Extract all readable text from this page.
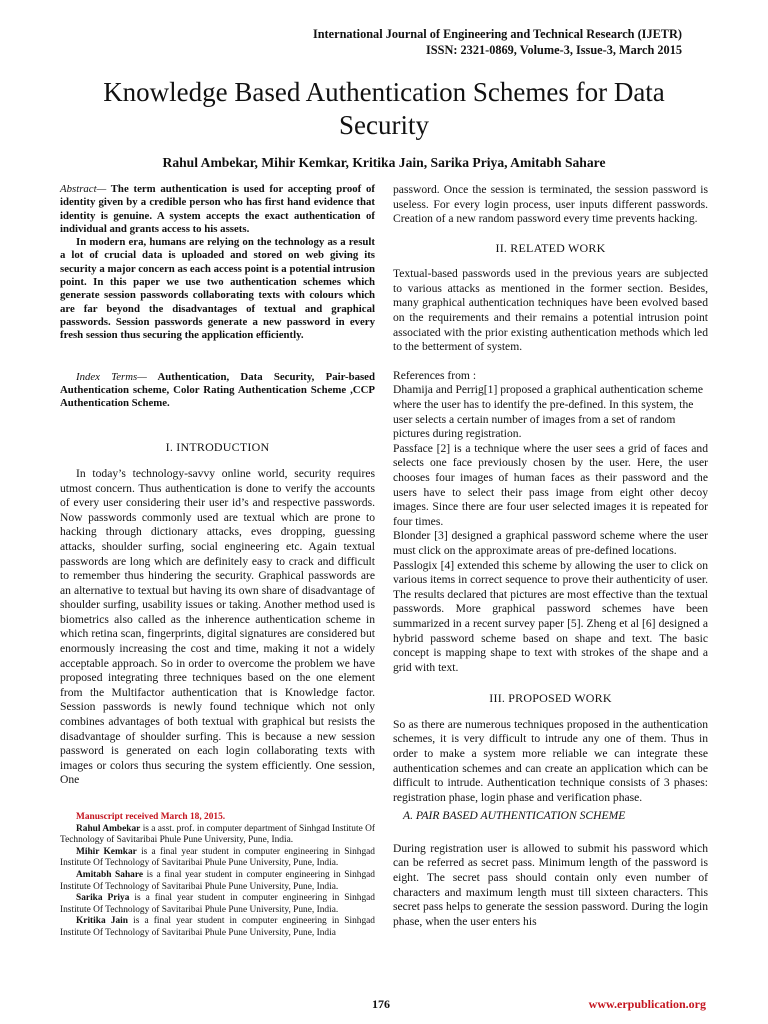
International Journal of Engineering and Technical Research (IJETR)
ISSN: 2321-0869, Volume-3, Issue-3, March 2015
Knowledge Based Authentication Schemes for Data Security
Rahul Ambekar, Mihir Kemkar, Kritika Jain, Sarika Priya, Amitabh Sahare

Abstract— The term authentication is used for accepting proof of identity given by a credible person who has first hand evidence that identity is genuine. A system accepts the exact authentication of individual and grants access to his assets.

In modern era, humans are relying on the technology as a result a lot of crucial data is uploaded and stored on web giving its security a major concern as each access point is a potential intrusion point. In this paper we use two authentication schemes which generate session passwords collaborating texts with colours which are far beyond the disadvantages of textual and graphical passwords. Session passwords generate a new password in every fresh session thus securing the application efficiently.

Index Terms— Authentication, Data Security, Pair-based Authentication scheme, Color Rating Authentication Scheme ,CCP Authentication Scheme.

I. INTRODUCTION

In today’s technology-savvy online world, security requires utmost concern. Thus authentication is done to verify the accounts of every user considering their user id’s and respective passwords. Now passwords commonly used are textual which are prone to hacking through dictionary attacks, eves dropping, guessing attacks, shoulder surfing, social engineering etc. Again textual passwords are long which are definitely easy to crack and difficult to remember thus hindering the security. Graphical passwords are an alternative to textual but having its own share of disadvantage of shoulder surfing, usability issues or taking. Another method used is biometrics also called as the inherence authentication scheme in which retina scan, fingerprints, digital signatures are considered but enormously increasing the cost and time, making it not a widely acceptable approach. So in order to overcome the problem we have proposed integrating three techniques based on the one element from the Multifactor authentication that is Knowledge factor. Session passwords is newly found technique which not only combines advantages of both textual with graphical but resists the disadvantage of shoulder surfing. This is because a new session password is generated on each login collaborating texts with images or colors thus securing the system efficiently. One session, One

Manuscript received March 18, 2015.

Rahul Ambekar is a asst. prof. in computer department of Sinhgad Institute Of Technology of Savitaribai Phule Pune University, Pune, India.

Mihir Kemkar is a final year student in computer engineering in Sinhgad Institute Of Technology of Savitaribai Phule Pune University, Pune, India.

Amitabh Sahare is a final year student in computer engineering in Sinhgad Institute Of Technology of Savitaribai Phule Pune University, Pune, India.

Sarika Priya is a final year student in computer engineering in Sinhgad Institute Of Technology of Savitaribai Phule Pune University, Pune, India.

Kritika Jain is a final year student in computer engineering in Sinhgad Institute Of Technology of Savitaribai Phule Pune University, Pune, India

password. Once the session is terminated, the session password is useless. For every login process, user inputs different passwords. Creation of a new random password every time prevents hacking.

II. RELATED WORK

Textual-based passwords used in the previous years are subjected to various attacks as mentioned in the former section. Besides, many graphical authentication techniques have been evolved based on the requirements and their remains a potential intrusion point associated with the prior existing authentication methods which led to the betterment of system.

References from :

Dhamija and Perrig[1] proposed a graphical authentication scheme where the user has to identify the pre-defined. In this system, the user selects a certain number of images from a set of random pictures during registration.

Passface [2] is a technique where the user sees a grid of faces and selects one face previously chosen by the user. Here, the user chooses four images of human faces as their password and the users have to select their pass image from eight other decoy images. Since there are four user selected images it is repeated for four times.

Blonder [3] designed a graphical password scheme where the user must click on the approximate areas of pre-defined locations.

Passlogix [4] extended this scheme by allowing the user to click on various items in correct sequence to prove their authenticity of user. The results declared that pictures are most effective than the textual passwords. More graphical password schemes have been summarized in a recent survey paper [5]. Zheng et al [6] designed a hybrid password scheme based on shape and text. The basic concept is mapping shape to text with strokes of the shape and a grid with text.

III. PROPOSED WORK

So as there are numerous techniques proposed in the authentication schemes, it is very difficult to intrude any one of them. Thus in order to make a system more reliable we can integrate these authentication schemes and can create an application which can be difficult to intrude. Authentication technique consists of 3 phases: registration phase, login phase and verification phase.

A. PAIR BASED AUTHENTICATION SCHEME

During registration user is allowed to submit his password which can be referred as secret pass. Minimum length of the password is eight. The secret pass should contain only even number of characters and maximum length must till sixteen characters. This secret pass helps to generate the session password. During the login phase, when the user enters his

176	www.erpublication.org
